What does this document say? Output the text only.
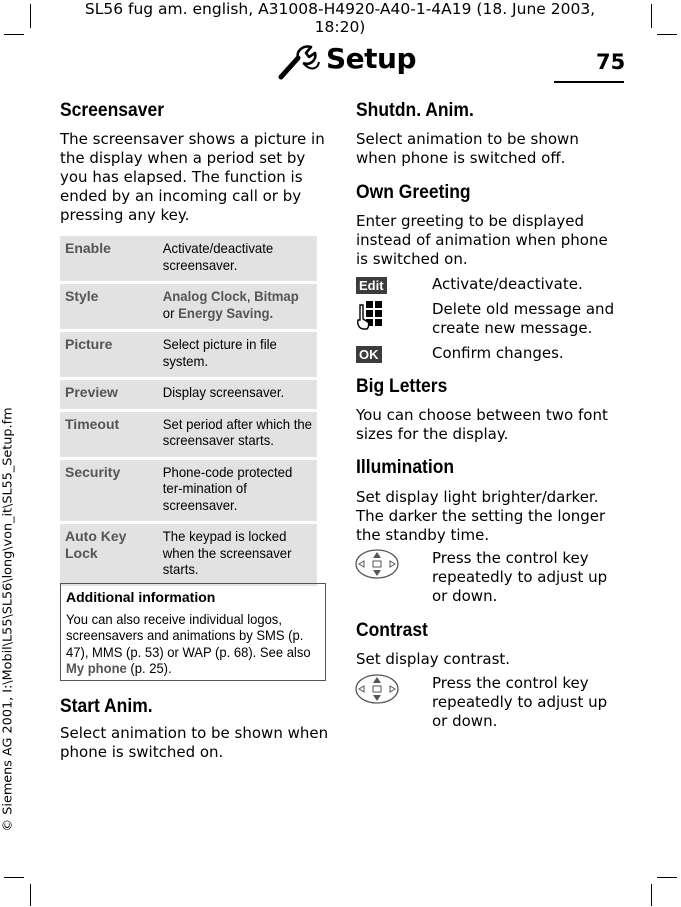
SL56 fug am. english, A31008-H4920-A40-1-4A19 (18. June 2003, 18:20)
© Siemens AG 2001, I:\Mobil\L55\SL56\long\von_it\SL55_Setup.fm
Setup	75
Screensaver
The screensaver shows a picture in the display when a period set by you has elapsed. The function is ended by an incoming call or by pressing any key.
Enable	Activate/deactivate screensaver.
Style	Analog Clock, Bitmap
or Energy Saving.
Picture	Select picture in file system.
Preview	Display screensaver.
Timeout	Set period after which the screensaver starts.
Security	Phone-code protected ter-mination of screensaver.
Auto Key Lock	The keypad is locked when the screensaver starts.
Additional information
You can also receive individual logos, screensavers and animations by SMS (p. 47), MMS (p. 53) or WAP (p. 68). See also My phone (p. 25).
Start Anim.
Select animation to be shown when phone is switched on.
Shutdn. Anim.
Select animation to be shown when phone is switched off.
Own Greeting
Enter greeting to be displayed instead of animation when phone is switched on.
Edit	Activate/deactivate.
Delete old message and create new message.
OK	Confirm changes.
Big Letters
You can choose between two font sizes for the display.
Illumination
Set display light brighter/darker. The darker the setting the longer the standby time.
Press the control key repeatedly to adjust up or down.
Contrast
Set display contrast.
Press the control key repeatedly to adjust up or down.
